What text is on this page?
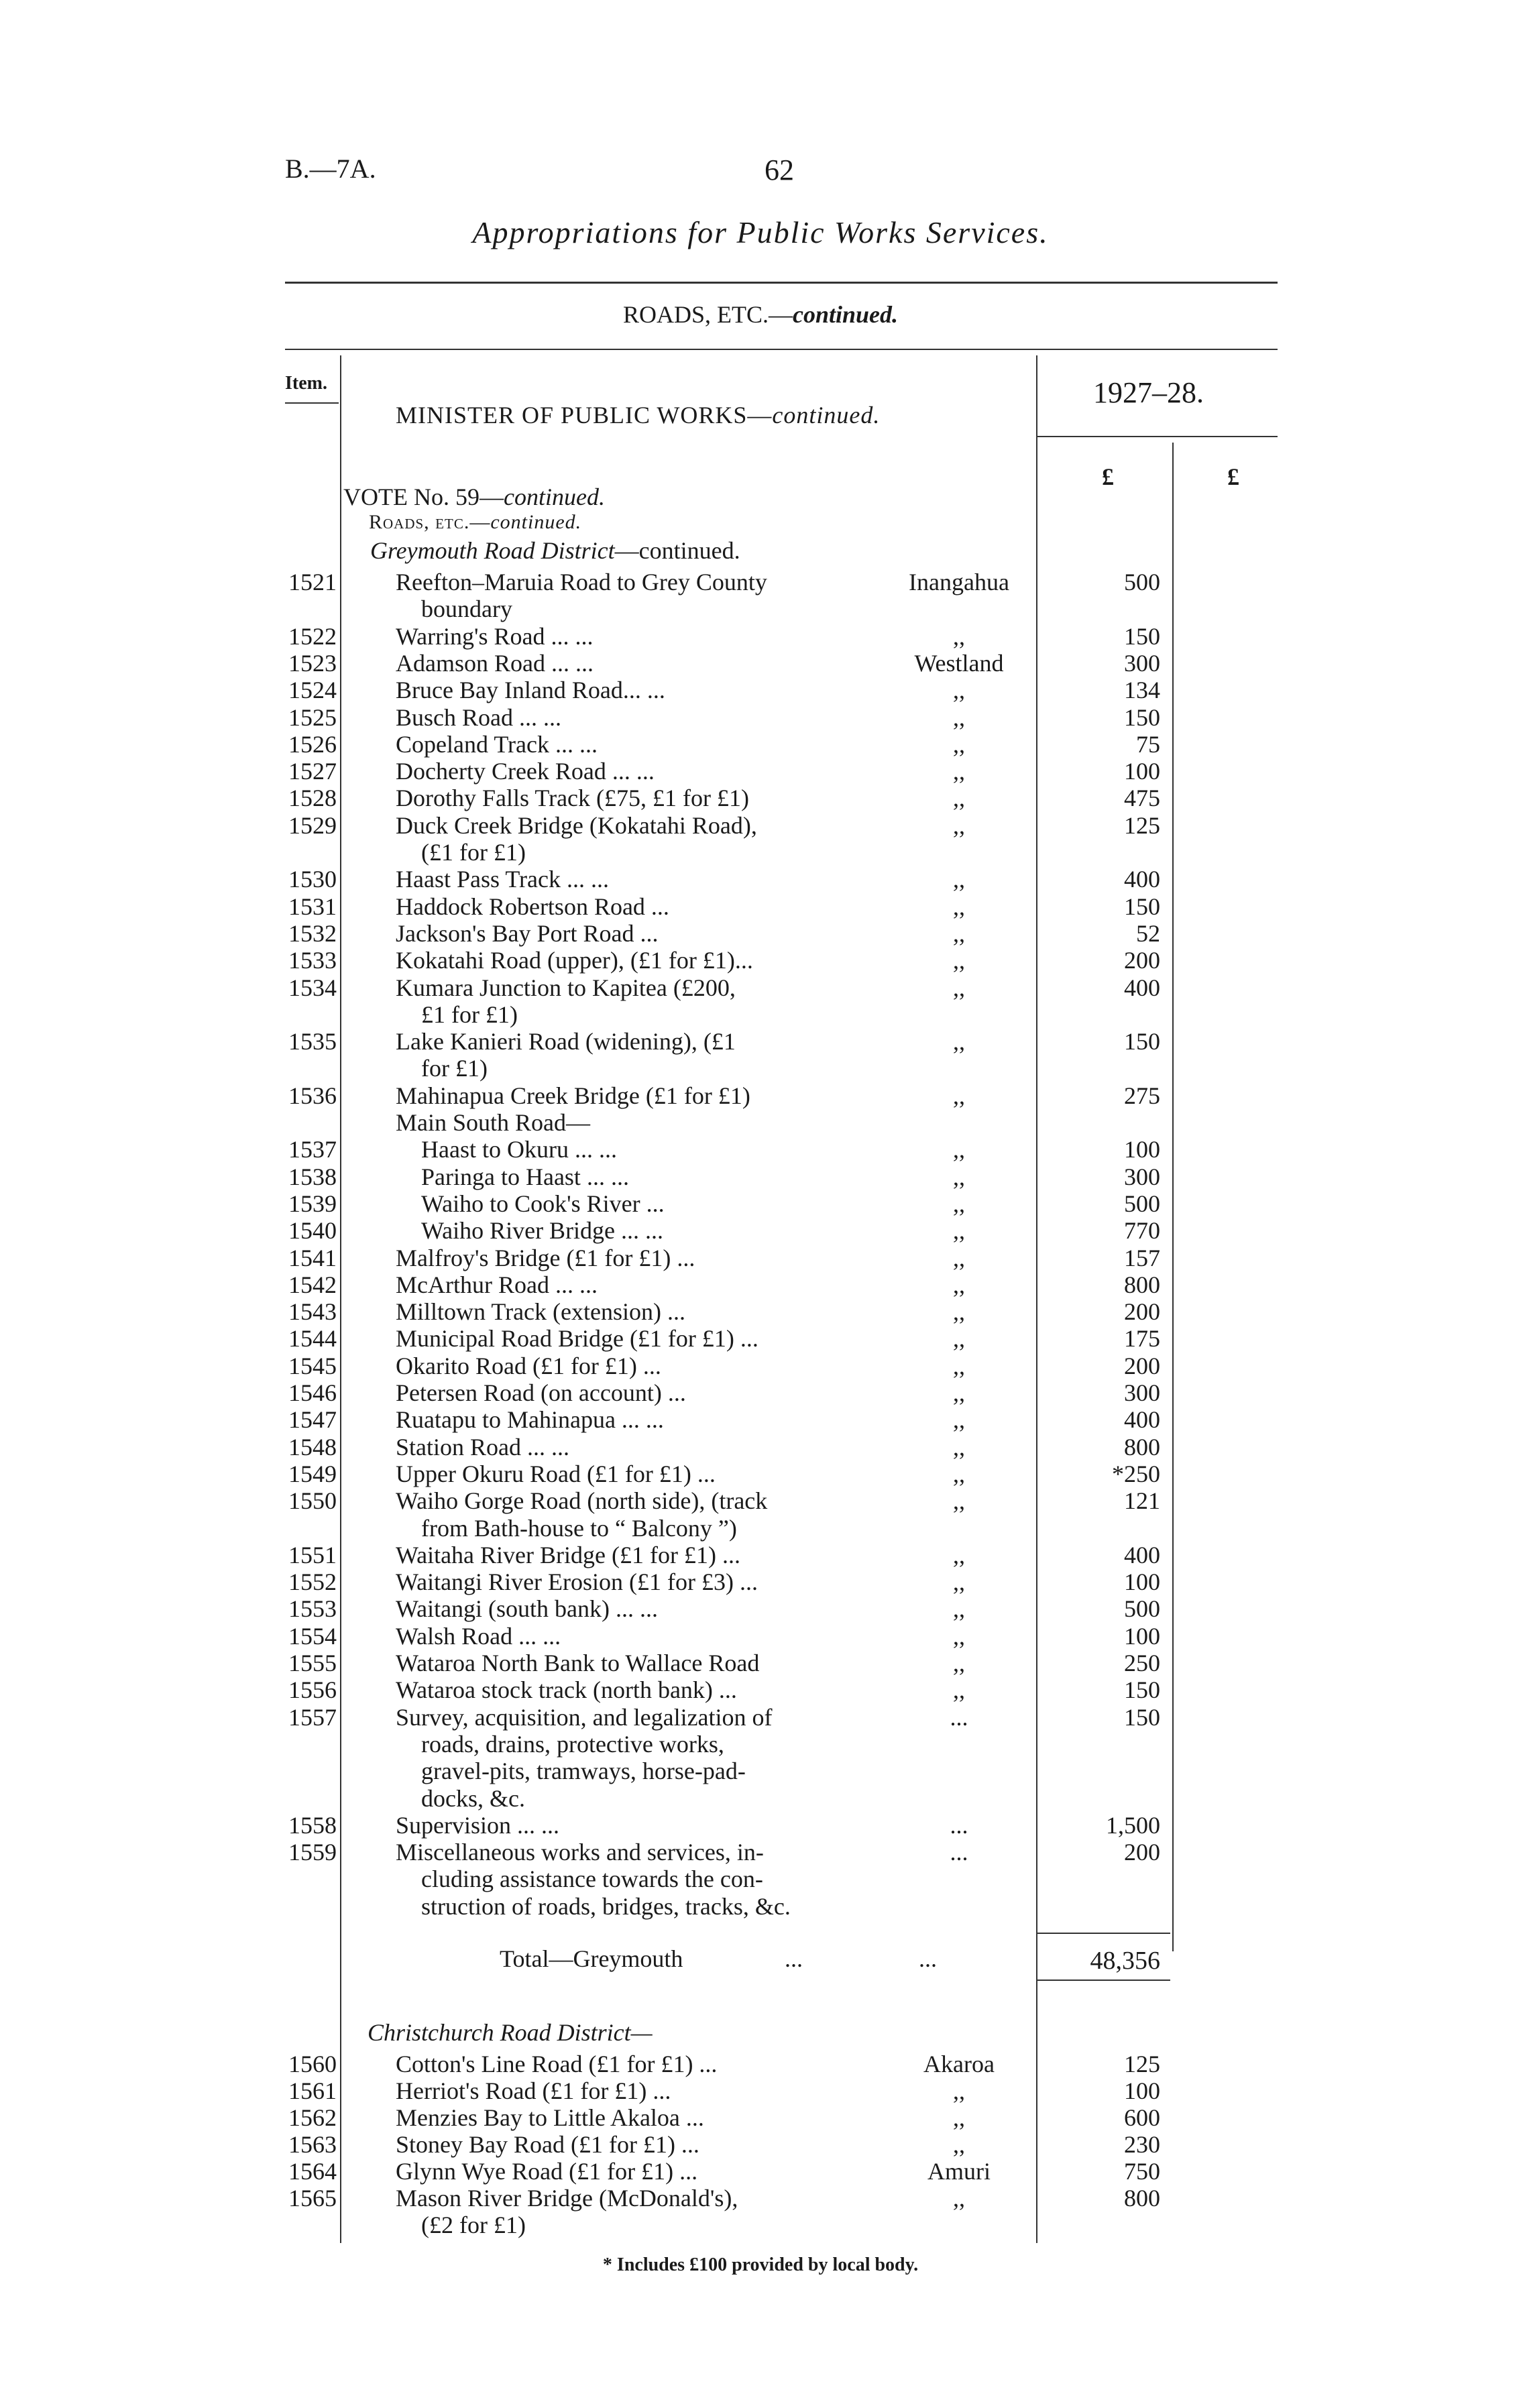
B.—7A.	62
Appropriations for Public Works Services.
ROADS, ETC.—continued.
Item.
MINISTER OF PUBLIC WORKS—continued.
1927–28.
£	£
VOTE No. 59—continued.
Roads, etc.—continued.
Greymouth Road District—continued.
1521 Reefton–Maruia Road to Grey County	Inangahua	500
boundary
1522 Warring's Road ... ...	,,	150
1523 Adamson Road ... ...	Westland	300
1524 Bruce Bay Inland Road... ...	,,	134
1525 Busch Road ... ...	,,	150
1526 Copeland Track ... ...	,,	75
1527 Docherty Creek Road ... ...	,,	100
1528 Dorothy Falls Track (£75, £1 for £1)	,,	475
1529 Duck Creek Bridge (Kokatahi Road),	,,	125
(£1 for £1)
1530 Haast Pass Track ... ...	,,	400
1531 Haddock Robertson Road ...	,,	150
1532 Jackson's Bay Port Road ...	,,	52
1533 Kokatahi Road (upper), (£1 for £1)...	,,	200
1534 Kumara Junction to Kapitea (£200,	,,	400
£1 for £1)
1535 Lake Kanieri Road (widening), (£1	,,	150
for £1)
1536 Mahinapua Creek Bridge (£1 for £1)	,,	275
Main South Road—
1537	Haast to Okuru ... ...	,,	100
1538	Paringa to Haast ... ...	,,	300
1539	Waiho to Cook's River ...	,,	500
1540	Waiho River Bridge ... ...	,,	770
1541 Malfroy's Bridge (£1 for £1) ...	,,	157
1542 McArthur Road ... ...	,,	800
1543 Milltown Track (extension) ...	,,	200
1544 Municipal Road Bridge (£1 for £1) ...	,,	175
1545 Okarito Road (£1 for £1) ...	,,	200
1546 Petersen Road (on account) ...	,,	300
1547 Ruatapu to Mahinapua ... ...	,,	400
1548 Station Road ... ...	,,	800
1549 Upper Okuru Road (£1 for £1) ...	,,	*250
1550 Waiho Gorge Road (north side), (track	,,	121
from Bath-house to “ Balcony ”)
1551 Waitaha River Bridge (£1 for £1) ...	,,	400
1552 Waitangi River Erosion (£1 for £3) ...	,,	100
1553 Waitangi (south bank) ... ...	,,	500
1554 Walsh Road ... ...	,,	100
1555 Wataroa North Bank to Wallace Road	,,	250
1556 Wataroa stock track (north bank) ...	,,	150
1557 Survey, acquisition, and legalization of	...	150
roads, drains, protective works,
gravel-pits, tramways, horse-pad-
docks, &c.
1558 Supervision ... ...	...	1,500
1559 Miscellaneous works and services, in-	...	200
cluding assistance towards the con-
struction of roads, bridges, tracks, &c.
Total—Greymouth	...	...	48,356
Christchurch Road District—
1560 Cotton's Line Road (£1 for £1) ...	Akaroa	125
1561 Herriot's Road (£1 for £1) ...	,,	100
1562 Menzies Bay to Little Akaloa ...	,,	600
1563 Stoney Bay Road (£1 for £1) ...	,,	230
1564 Glynn Wye Road (£1 for £1) ...	Amuri	750
1565 Mason River Bridge (McDonald's),	,,	800
(£2 for £1)
* Includes £100 provided by local body.
